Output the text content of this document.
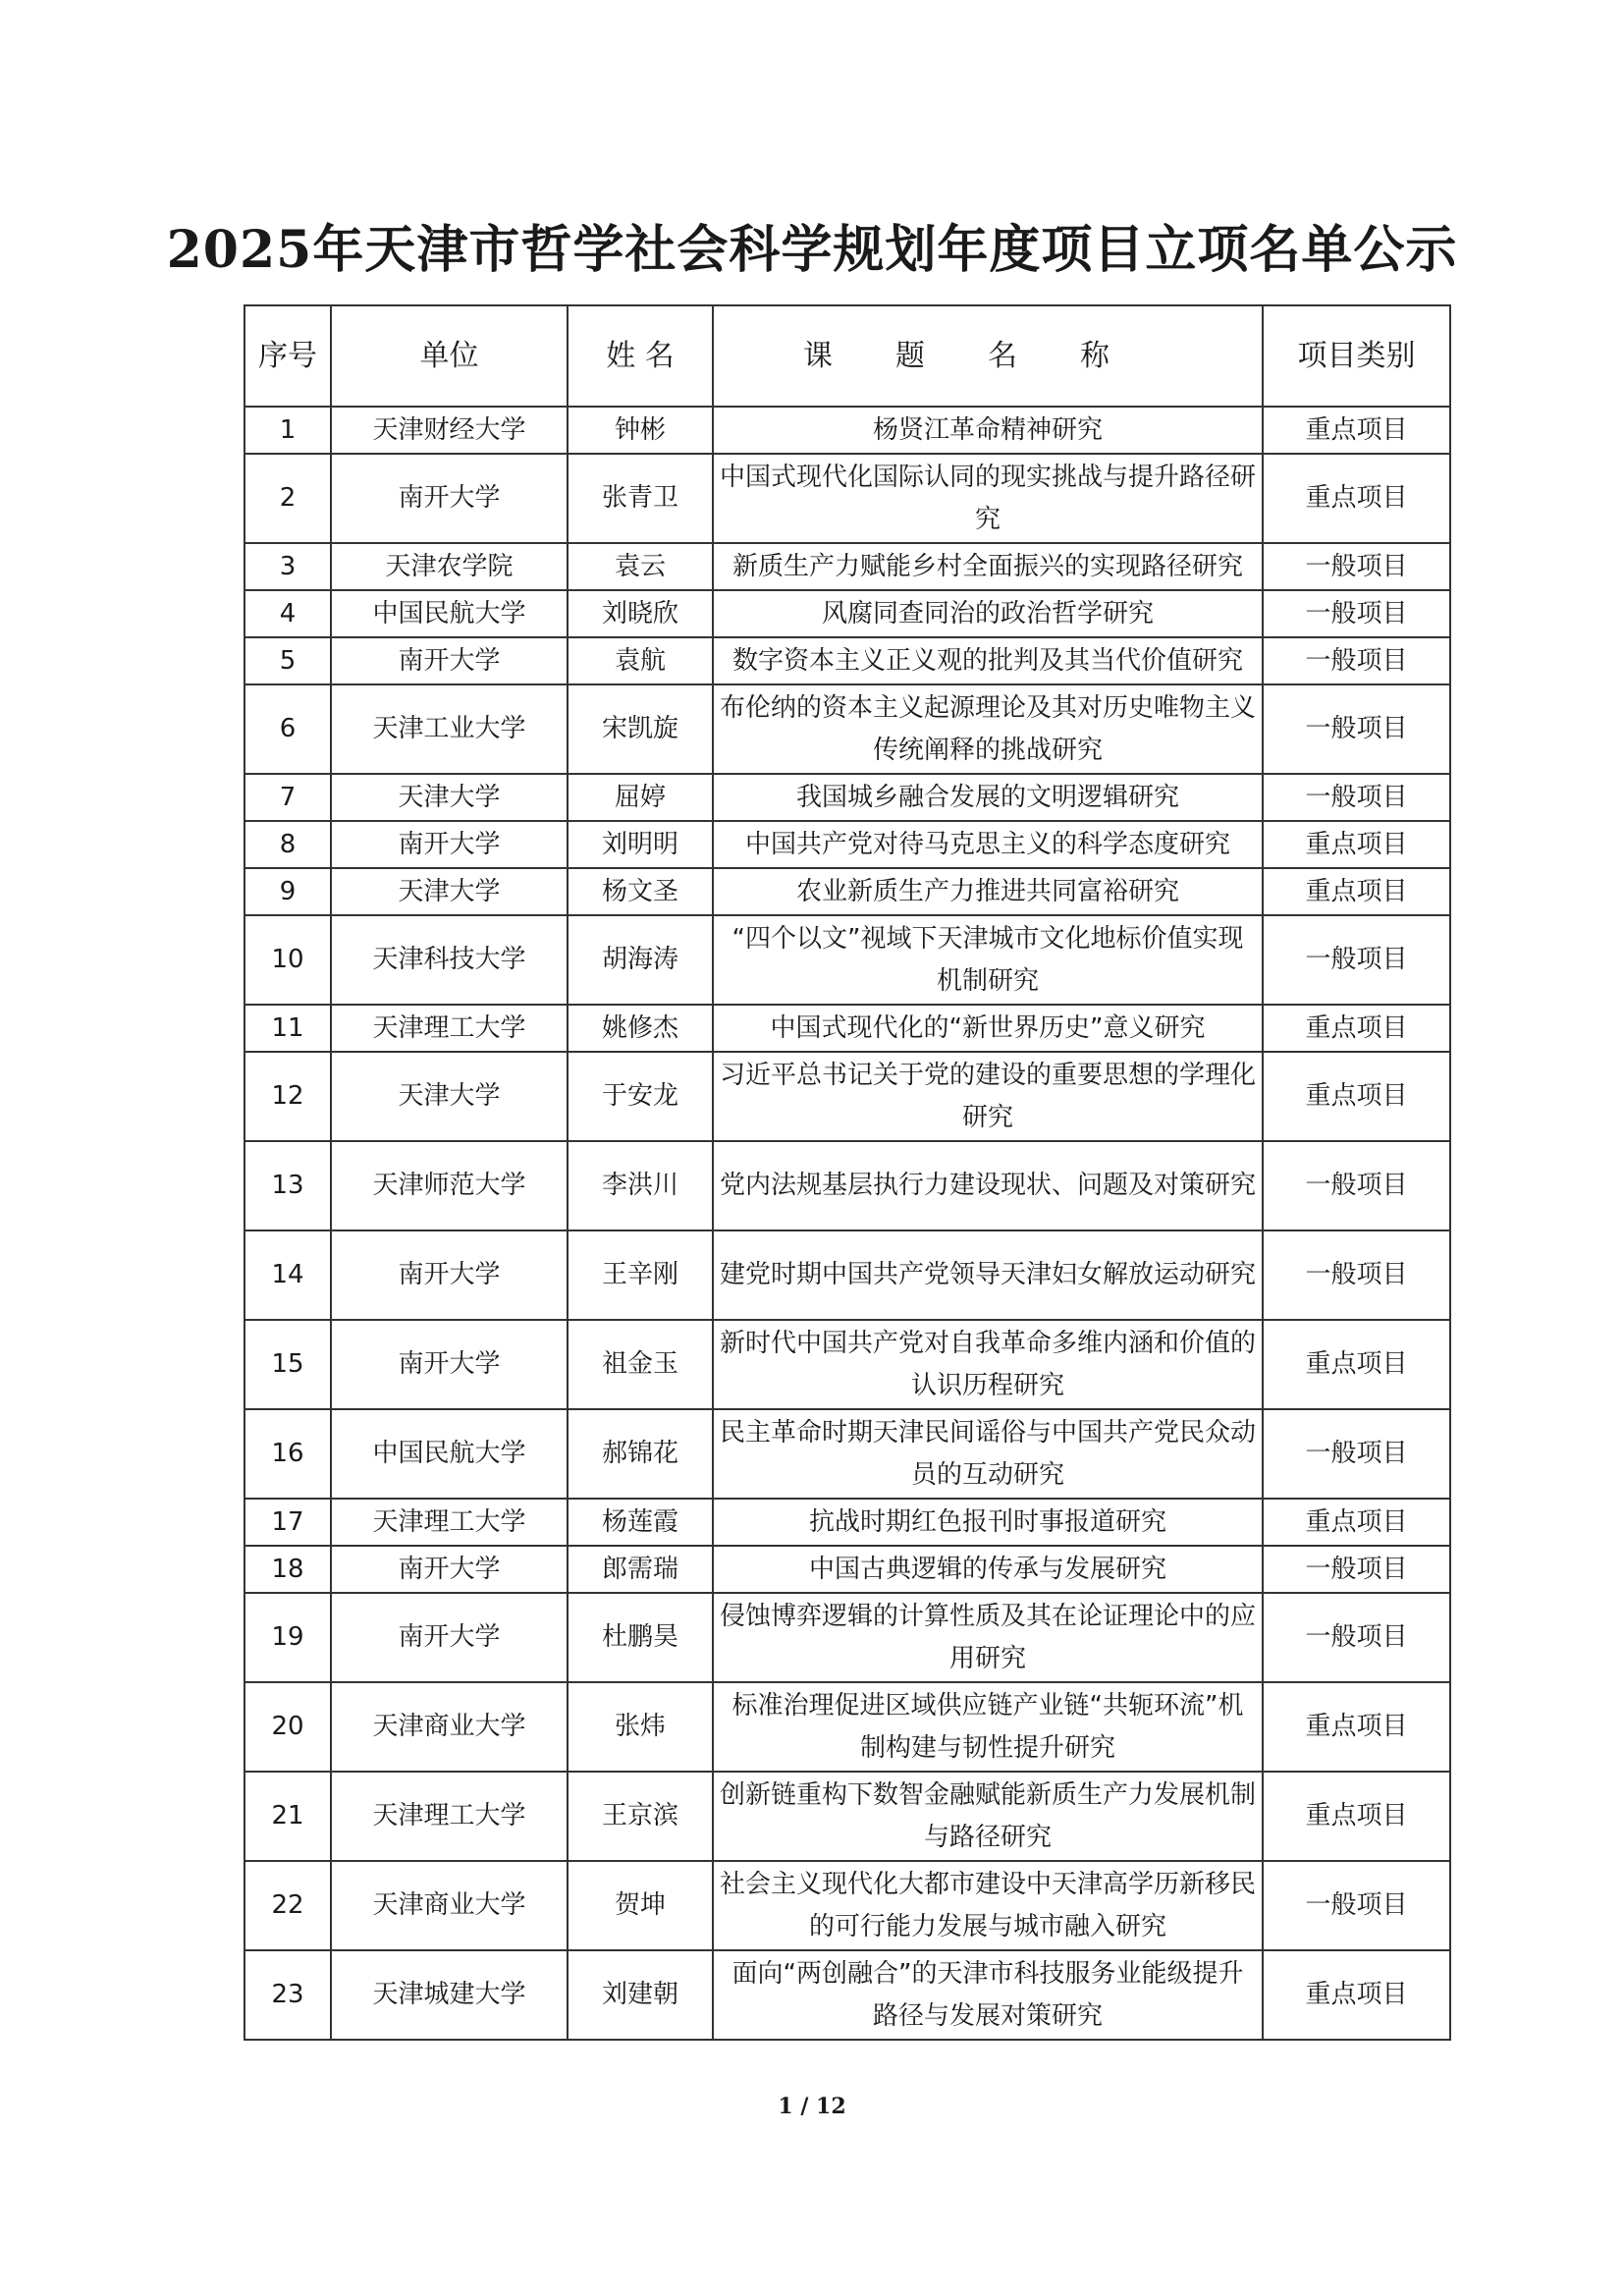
2025年天津市哲学社会科学规划年度项目立项名单公示
序号	单位	姓 名	课题名称	项目类别
1	天津财经大学	钟彬	杨贤江革命精神研究	重点项目
2	南开大学	张青卫	中国式现代化国际认同的现实挑战与提升路径研究	重点项目
3	天津农学院	袁云	新质生产力赋能乡村全面振兴的实现路径研究	一般项目
4	中国民航大学	刘晓欣	风腐同查同治的政治哲学研究	一般项目
5	南开大学	袁航	数字资本主义正义观的批判及其当代价值研究	一般项目
6	天津工业大学	宋凯旋	布伦纳的资本主义起源理论及其对历史唯物主义传统阐释的挑战研究	一般项目
7	天津大学	屈婷	我国城乡融合发展的文明逻辑研究	一般项目
8	南开大学	刘明明	中国共产党对待马克思主义的科学态度研究	重点项目
9	天津大学	杨文圣	农业新质生产力推进共同富裕研究	重点项目
10	天津科技大学	胡海涛	“四个以文”视域下天津城市文化地标价值实现机制研究	一般项目
11	天津理工大学	姚修杰	中国式现代化的“新世界历史”意义研究	重点项目
12	天津大学	于安龙	习近平总书记关于党的建设的重要思想的学理化研究	重点项目
13	天津师范大学	李洪川	党内法规基层执行力建设现状、问题及对策研究	一般项目
14	南开大学	王辛刚	建党时期中国共产党领导天津妇女解放运动研究	一般项目
15	南开大学	祖金玉	新时代中国共产党对自我革命多维内涵和价值的认识历程研究	重点项目
16	中国民航大学	郝锦花	民主革命时期天津民间谣俗与中国共产党民众动员的互动研究	一般项目
17	天津理工大学	杨莲霞	抗战时期红色报刊时事报道研究	重点项目
18	南开大学	郎需瑞	中国古典逻辑的传承与发展研究	一般项目
19	南开大学	杜鹏昊	侵蚀博弈逻辑的计算性质及其在论证理论中的应用研究	一般项目
20	天津商业大学	张炜	标准治理促进区域供应链产业链“共轭环流”机制构建与韧性提升研究	重点项目
21	天津理工大学	王京滨	创新链重构下数智金融赋能新质生产力发展机制与路径研究	重点项目
22	天津商业大学	贺坤	社会主义现代化大都市建设中天津高学历新移民的可行能力发展与城市融入研究	一般项目
23	天津城建大学	刘建朝	面向“两创融合”的天津市科技服务业能级提升路径与发展对策研究	重点项目
1 / 12
